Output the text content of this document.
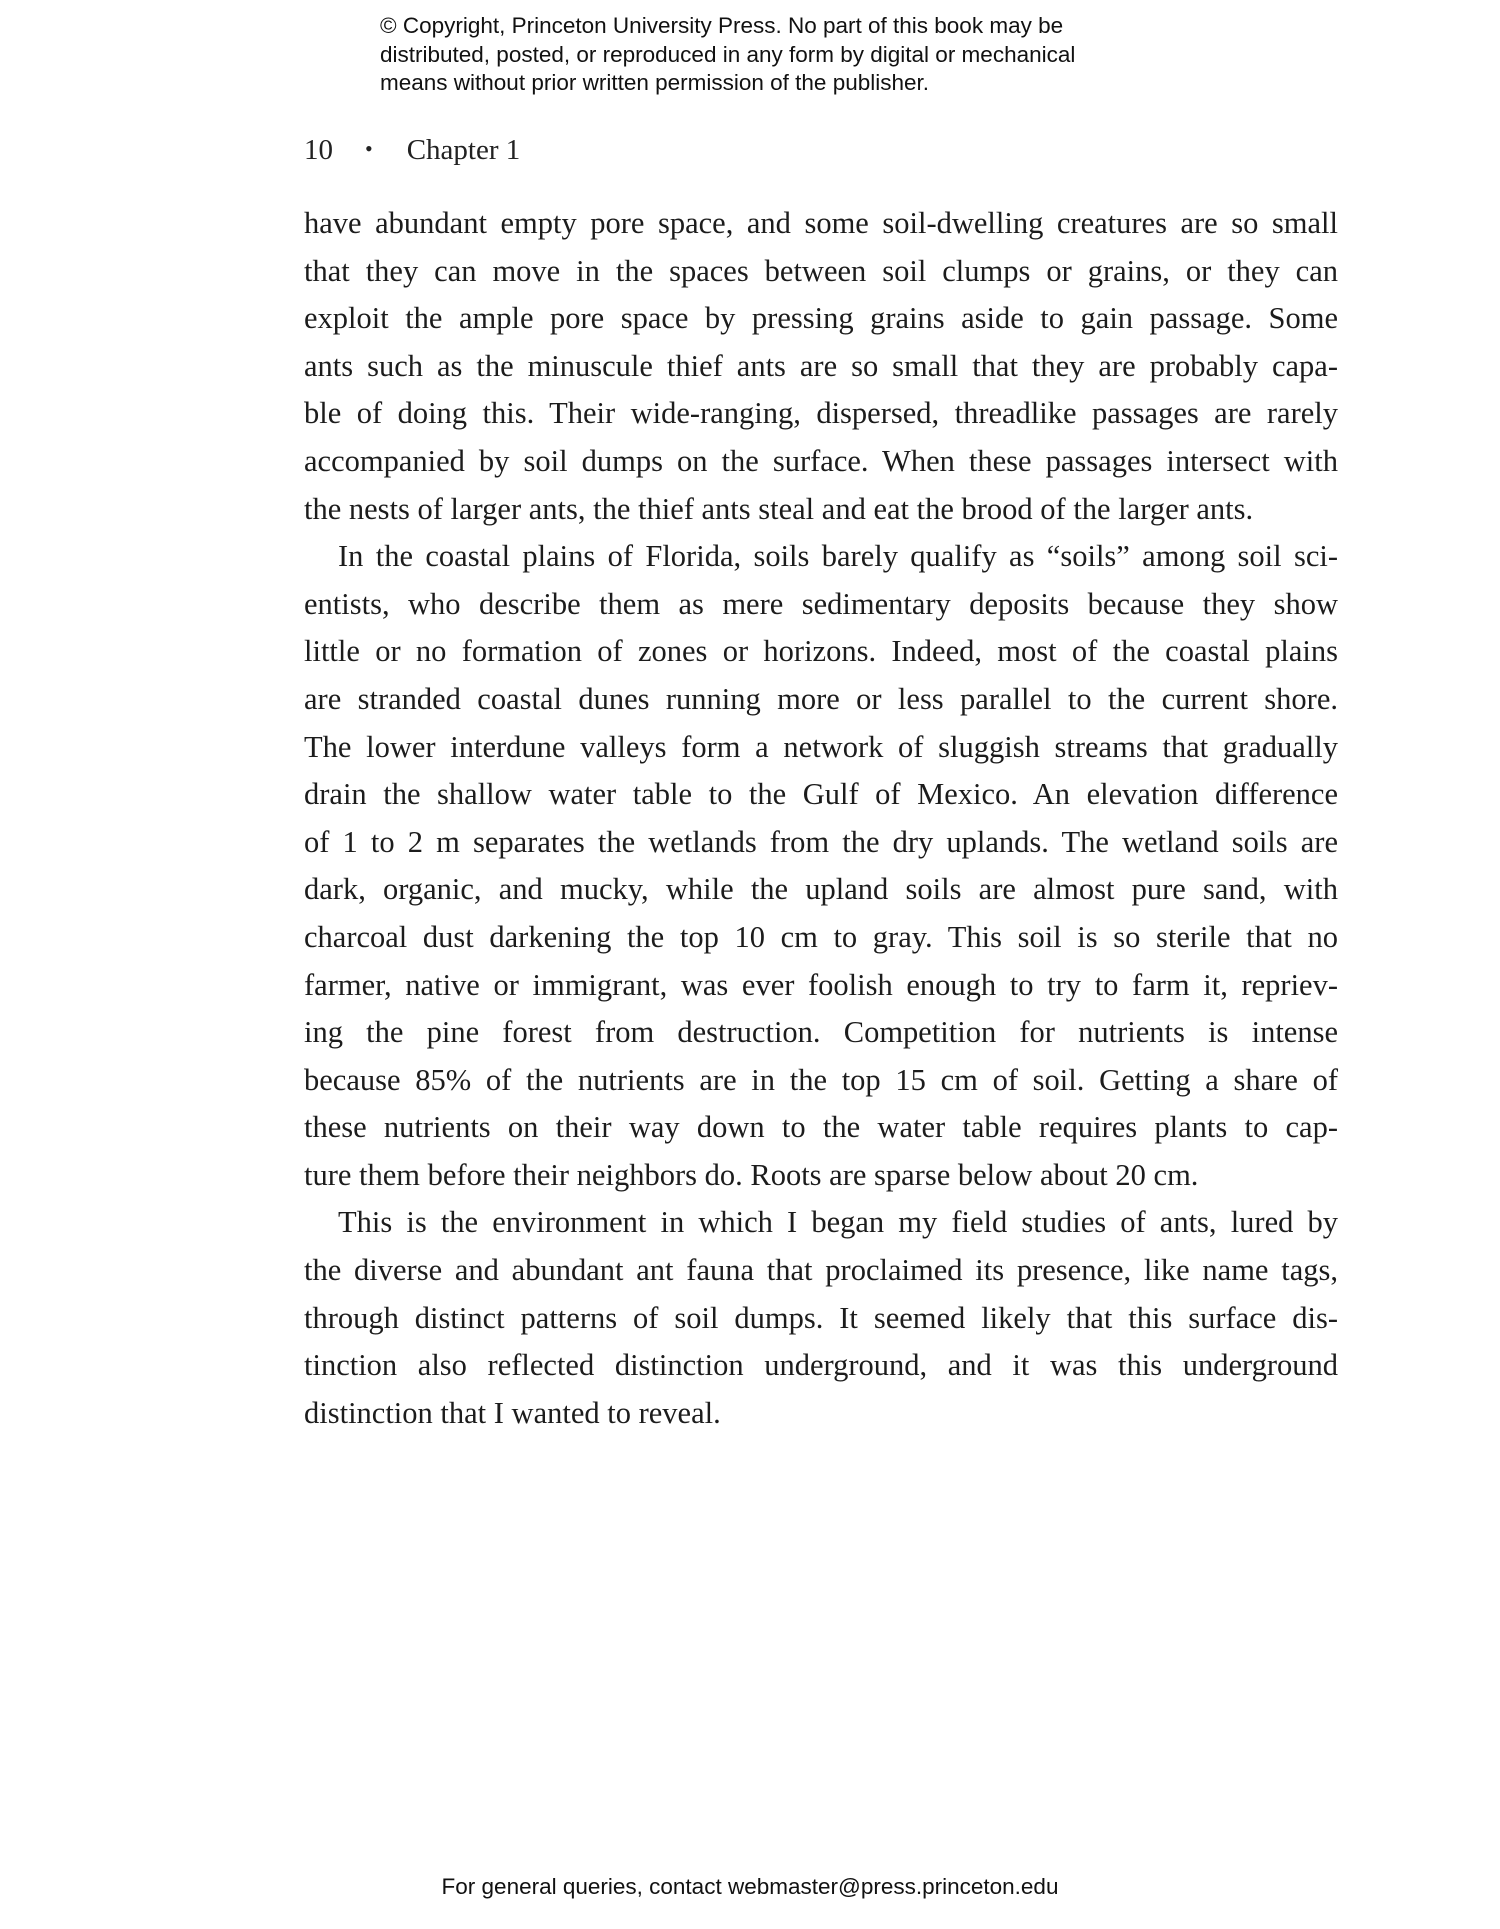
© Copyright, Princeton University Press. No part of this book may be
distributed, posted, or reproduced in any form by digital or mechanical
means without prior written permission of the publisher.
10 • Chapter 1
have abundant empty pore space, and some soil-dwelling creatures are so small
that they can move in the spaces between soil clumps or grains, or they can
exploit the ample pore space by pressing grains aside to gain passage. Some
ants such as the minuscule thief ants are so small that they are probably capa-
ble of doing this. Their wide-ranging, dispersed, threadlike passages are rarely
accompanied by soil dumps on the surface. When these passages intersect with
the nests of larger ants, the thief ants steal and eat the brood of the larger ants.
In the coastal plains of Florida, soils barely qualify as “soils” among soil sci-
entists, who describe them as mere sedimentary deposits because they show
little or no formation of zones or horizons. Indeed, most of the coastal plains
are stranded coastal dunes running more or less parallel to the current shore.
The lower interdune valleys form a network of sluggish streams that gradually
drain the shallow water table to the Gulf of Mexico. An elevation difference
of 1 to 2 m separates the wetlands from the dry uplands. The wetland soils are
dark, organic, and mucky, while the upland soils are almost pure sand, with
charcoal dust darkening the top 10 cm to gray. This soil is so sterile that no
farmer, native or immigrant, was ever foolish enough to try to farm it, repriev-
ing the pine forest from destruction. Competition for nutrients is intense
because 85% of the nutrients are in the top 15 cm of soil. Getting a share of
these nutrients on their way down to the water table requires plants to cap-
ture them before their neighbors do. Roots are sparse below about 20 cm.
This is the environment in which I began my field studies of ants, lured by
the diverse and abundant ant fauna that proclaimed its presence, like name tags,
through distinct patterns of soil dumps. It seemed likely that this surface dis-
tinction also reflected distinction underground, and it was this underground
distinction that I wanted to reveal.
For general queries, contact webmaster@press.princeton.edu
